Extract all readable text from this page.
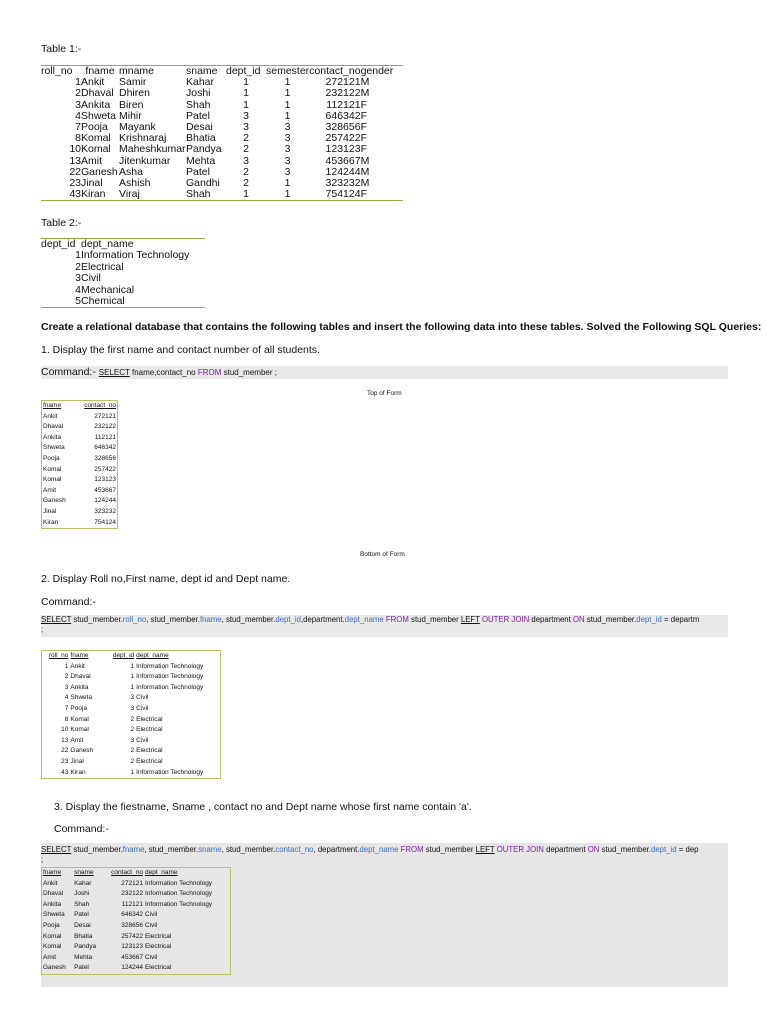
Table 1:-
roll_no	fname	mname	sname	dept_id	semester	contact_no	gender
1	Ankit	Samir	Kahar	1	1	272121	M
2	Dhaval	Dhiren	Joshi	1	1	232122	M
3	Ankita	Biren	Shah	1	1	112121	F
4	Shweta	Mihir	Patel	3	1	646342	F
7	Pooja	Mayank	Desai	3	3	328656	F
8	Komal	Krishnaraj	Bhatia	2	3	257422	F
10	Komal	Maheshkumar	Pandya	2	3	123123	F
13	Amit	Jitenkumar	Mehta	3	3	453667	M
22	Ganesh	Asha	Patel	2	3	124244	M
23	Jinal	Ashish	Gandhi	2	1	323232	M
43	Kiran	Viraj	Shah	1	1	754124	F
Table 2:-
dept_id	dept_name
1	Information Technology
2	Electrical
3	Civil
4	Mechanical
5	Chemical
Create a relational database that contains the following tables and insert the following data into these tables. Solved the Following SQL Queries:
1. Display the first name and contact number of all students.
Command:- SELECT fname,contact_no FROM stud_member ;
Top of Form
fname	contact_no
Ankit	272121
Dhaval	232122
Ankita	112121
Shweta	646342
Pooja	328656
Komal	257422
Komal	123123
Amit	453667
Ganesh	124244
Jinal	323232
Kiran	754124
Bottom of Form
2. Display Roll no,First name, dept id and Dept name.
Command:-
SELECT stud_member.roll_no, stud_member.fname, stud_member.dept_id,department.dept_name FROM stud_member LEFT OUTER JOIN department ON stud_member.dept_id = departm
;
roll_no	fname	dept_id	dept_name
1	Ankit	1	Information Technology
2	Dhaval	1	Information Technology
3	Ankita	1	Information Technology
4	Shweta	3	Civil
7	Pooja	3	Civil
8	Komal	2	Electrical
10	Komal	2	Electrical
13	Amit	3	Civil
22	Ganesh	2	Electrical
23	Jinal	2	Electrical
43	Kiran	1	Information Technology
3. Display the fiestname, Sname , contact no and Dept name whose first name contain 'a'.
Command:-
SELECT stud_member.fname, stud_member.sname, stud_member.contact_no, department.dept_name FROM stud_member LEFT OUTER JOIN department ON stud_member.dept_id = dep
;
fname	sname	contact_no	dept_name
Ankit	Kahar	272121	Information Technology
Dhaval	Joshi	232122	Information Technology
Ankita	Shah	112121	Information Technology
Shweta	Patel	646342	Civil
Pooja	Desai	328656	Civil
Komal	Bhatia	257422	Electrical
Komal	Pandya	123123	Electrical
Amit	Mehta	453667	Civil
Ganesh	Patel	124244	Electrical
